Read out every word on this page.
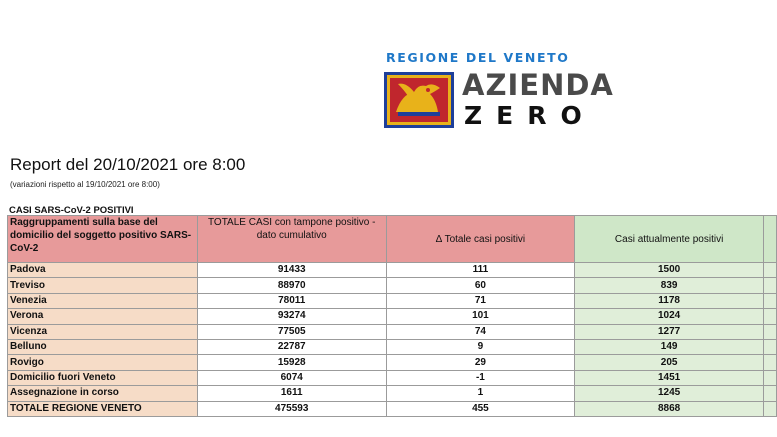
REGIONE DEL VENETO
AZIENDA
ZERO
Report del 20/10/2021 ore 8:00
(variazioni rispetto al 19/10/2021 ore 8:00)
CASI SARS-CoV-2 POSITIVI
Raggruppamenti sulla base del domicilio del soggetto positivo SARS-CoV-2	TOTALE CASI con tampone positivo - dato cumulativo	Δ Totale casi positivi	Casi attualmente positivi	
Padova	91433	111	1500	
Treviso	88970	60	839	
Venezia	78011	71	1178	
Verona	93274	101	1024	
Vicenza	77505	74	1277	
Belluno	22787	9	149	
Rovigo	15928	29	205	
Domicilio fuori Veneto	6074	-1	1451	
Assegnazione in corso	1611	1	1245	
TOTALE REGIONE VENETO	475593	455	8868	
